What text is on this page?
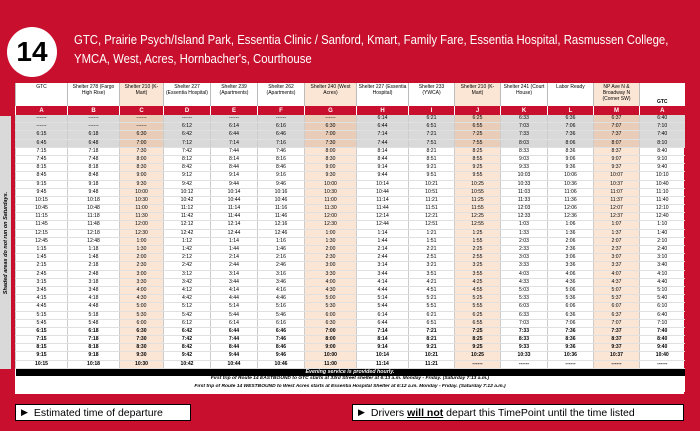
14 GTC, Prairie Psych/Island Park, Essentia Clinic / Sanford, Kmart, Family Fare, Essentia Hospital, Rasmussen College, YMCA, West, Acres, Hornbacher's, Courthouse
Shaded areas do not run on Saturdays.
GTC	Shelter 278 (Fargo High Rise)	Shelter 210 (K-Mart)	Shelter 227 (Essentia Hospital)	Shelter 239 (Apartments)	Shelter 262 (Apartments)	Shelter 240 (West Acres)	Shelter 227 (Essentia Hospital)	Shelter 233 (YWCA)	Shelter 210 (K-Mart)	Shelter 241 (Court House)	Labor Ready	NP Ave N & Broadway N (Corner SW)	GTC
A	B	C	D	E	F	G	H	I	J	K	L	M	A
------	------	------	------	------	------	------	6:14	6:21	6:25	6:33	6:36	6:37	6:40
------	------	------	6:12	6:14	6:16	6:30	6:44	6:51	6:55	7:03	7:06	7:07	7:10
6:15	6:18	6:30	6:42	6:44	6:46	7:00	7:14	7:21	7:25	7:33	7:36	7:37	7:40
6:45	6:48	7:00	7:12	7:14	7:16	7:30	7:44	7:51	7:55	8:03	8:06	8:07	8:10
7:15	7:18	7:30	7:42	7:44	7:46	8:00	8:14	8:21	8:25	8:33	8:36	8:37	8:40
7:45	7:48	8:00	8:12	8:14	8:16	8:30	8:44	8:51	8:55	9:03	9:06	9:07	9:10
8:15	8:18	8:30	8:42	8:44	8:46	9:00	9:14	9:21	9:25	9:33	9:36	9:37	9:40
8:45	8:48	9:00	9:12	9:14	9:16	9:30	9:44	9:51	9:55	10:03	10:06	10:07	10:10
9:15	9:18	9:30	9:42	9:44	9:46	10:00	10:14	10:21	10:25	10:33	10:36	10:37	10:40
9:45	9:48	10:00	10:12	10:14	10:16	10:30	10:44	10:51	10:55	11:03	11:06	11:07	11:10
10:15	10:18	10:30	10:42	10:44	10:46	11:00	11:14	11:21	11:25	11:33	11:36	11:37	11:40
10:45	10:48	11:00	11:12	11:14	11:16	11:30	11:44	11:51	11:55	12:03	12:06	12:07	12:10
11:15	11:18	11:30	11:42	11:44	11:46	12:00	12:14	12:21	12:25	12:33	12:36	12:37	12:40
11:45	11:48	12:00	12:12	12:14	12:16	12:30	12:44	12:51	12:55	1:03	1:06	1:07	1:10
12:15	12:18	12:30	12:42	12:44	12:46	1:00	1:14	1:21	1:25	1:33	1:36	1:37	1:40
12:45	12:48	1:00	1:12	1:14	1:16	1:30	1:44	1:51	1:55	2:03	2:06	2:07	2:10
1:15	1:18	1:30	1:42	1:44	1:46	2:00	2:14	2:21	2:25	2:33	2:36	2:37	2:40
1:45	1:48	2:00	2:12	2:14	2:16	2:30	2:44	2:51	2:55	3:03	3:06	3:07	3:10
2:15	2:18	2:30	2:42	2:44	2:46	3:00	3:14	3:21	3:25	3:33	3:36	3:37	3:40
2:45	2:48	3:00	3:12	3:14	3:16	3:30	3:44	3:51	3:55	4:03	4:06	4:07	4:10
3:15	3:18	3:30	3:42	3:44	3:46	4:00	4:14	4:21	4:25	4:33	4:36	4:37	4:40
3:45	3:48	4:00	4:12	4:14	4:16	4:30	4:44	4:51	4:55	5:03	5:06	5:07	5:10
4:15	4:18	4:30	4:42	4:44	4:46	5:00	5:14	5:21	5:25	5:33	5:36	5:37	5:40
4:45	4:48	5:00	5:12	5:14	5:16	5:30	5:44	5:51	5:55	6:03	6:06	6:07	6:10
5:15	5:18	5:30	5:42	5:44	5:46	6:00	6:14	6:21	6:25	6:33	6:36	6:37	6:40
5:45	5:48	6:00	6:12	6:14	6:16	6:30	6:44	6:51	6:55	7:03	7:06	7:07	7:10
6:15	6:18	6:30	6:42	6:44	6:46	7:00	7:14	7:21	7:25	7:33	7:36	7:37	7:40
7:15	7:18	7:30	7:42	7:44	7:46	8:00	8:14	8:21	8:25	8:33	8:36	8:37	8:40
8:15	8:18	8:30	8:42	8:44	8:46	9:00	9:14	9:21	9:25	9:33	9:36	9:37	9:40
9:15	9:18	9:30	9:42	9:44	9:46	10:00	10:14	10:21	10:25	10:33	10:36	10:37	10:40
10:15	10:18	10:30	10:42	10:44	10:46	11:00	11:14	11:21	------	------	------	------	------
Evening service is provided hourly.													
First trip of Route 14 EASTBOUND to GTC starts at 33rd Street shelter at 6:13 a.m. Monday - Friday. (Saturday 7:13 a.m.)													
First trip of Route 14 WESTBOUND to West Acres starts at Essentia Hospital Shelter at 6:12 a.m. Monday - Friday. (Saturday 7:12 a.m.)													
▶ Estimated time of departure	▶ Drivers will not depart this TimePoint until the time listed
